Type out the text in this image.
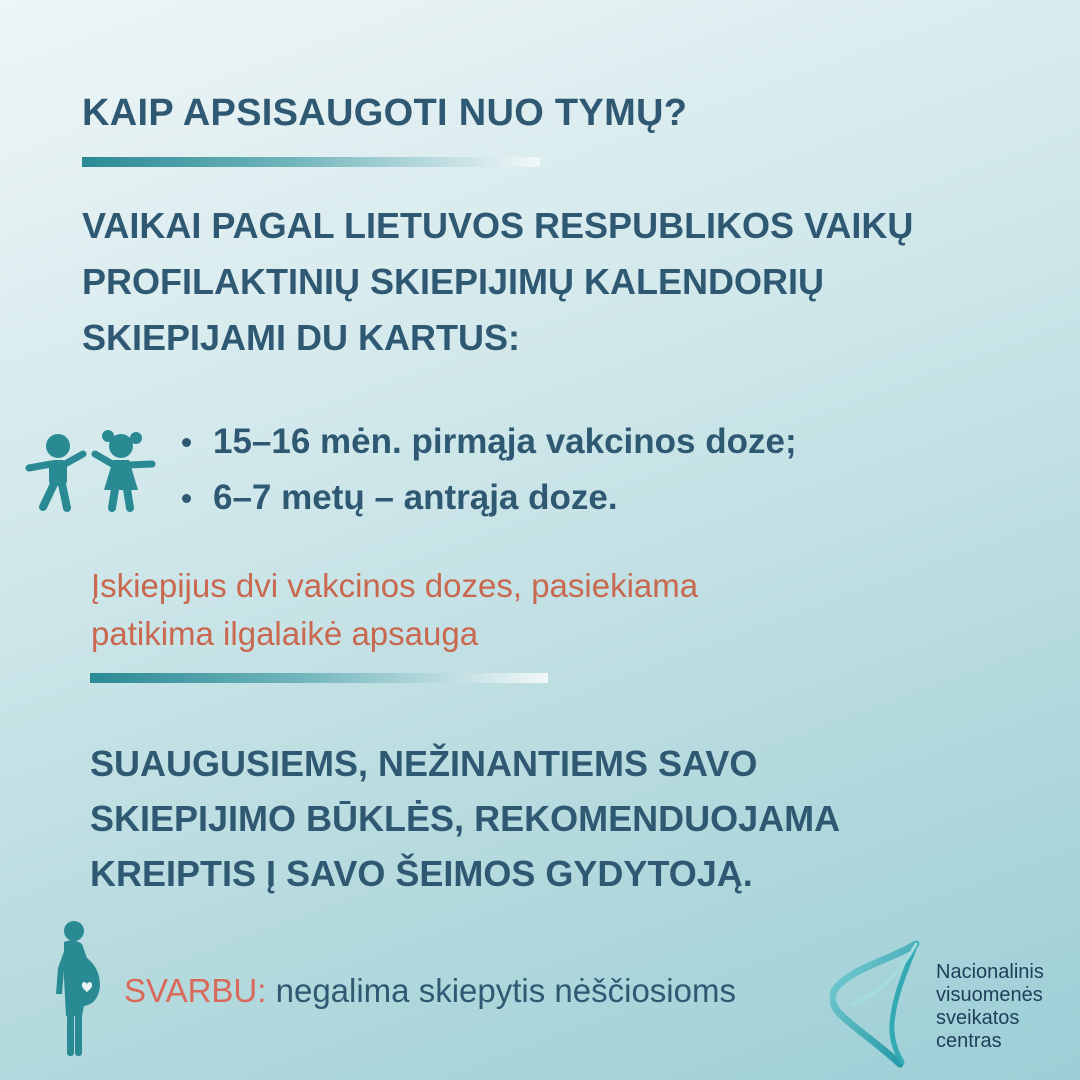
KAIP APSISAUGOTI NUO TYMŲ?
VAIKAI PAGAL LIETUVOS RESPUBLIKOS VAIKŲ
PROFILAKTINIŲ SKIEPIJIMŲ KALENDORIŲ
SKIEPIJAMI DU KARTUS:
15–16 mėn. pirmąja vakcinos doze;
6–7 metų – antrąja doze.
Įskiepijus dvi vakcinos dozes, pasiekiama
patikima ilgalaikė apsauga
SUAUGUSIEMS, NEŽINANTIEMS SAVO
SKIEPIJIMO BŪKLĖS, REKOMENDUOJAMA
KREIPTIS Į SAVO ŠEIMOS GYDYTOJĄ.

SVARBU: negalima skiepytis nėščiosioms	Nacionalinis
visuomenės
sveikatos
centras
